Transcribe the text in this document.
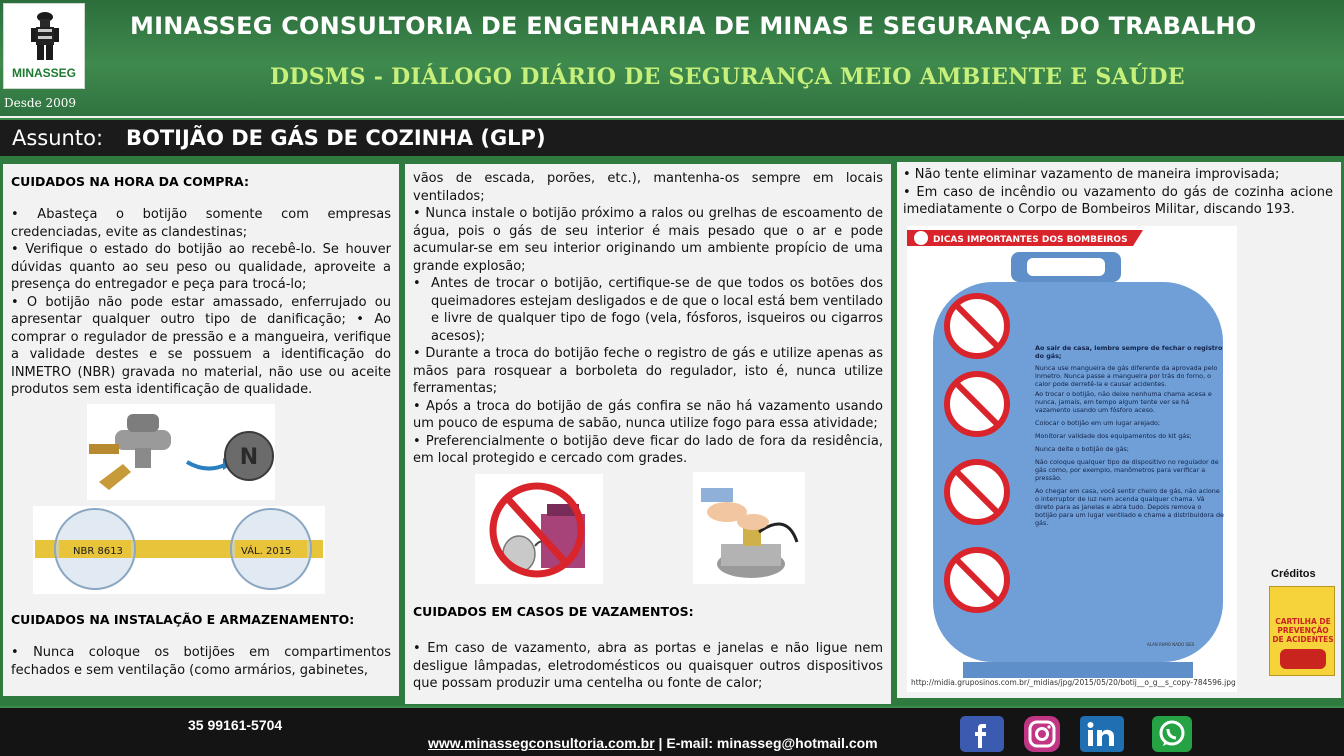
MINASSEG
Desde 2009
MINASSEG CONSULTORIA DE ENGENHARIA DE MINAS E SEGURANÇA DO TRABALHO
DDSMS - DIÁLOGO DIÁRIO DE SEGURANÇA MEIO AMBIENTE E SAÚDE
Assunto: BOTIJÃO DE GÁS DE COZINHA (GLP)
CUIDADOS NA HORA DA COMPRA:

• Abasteça o botijão somente com empresas credenciadas, evite as clandestinas;

• Verifique o estado do botijão ao recebê-lo. Se houver dúvidas quanto ao seu peso ou qualidade, aproveite a presença do entregador e peça para trocá-lo;

• O botijão não pode estar amassado, enferrujado ou apresentar qualquer outro tipo de danificação; • Ao comprar o regulador de pressão e a mangueira, verifique a validade destes e se possuem a identificação do INMETRO (NBR) gravada no material, não use ou aceite produtos sem esta identificação de qualidade.

N
NBR 8613	VÁL. 2015
CUIDADOS NA INSTALAÇÃO E ARMAZENAMENTO:
• Nunca coloque os botijões em compartimentos fechados e sem ventilação (como armários, gabinetes,

vãos de escada, porões, etc.), mantenha-os sempre em locais ventilados;

• Nunca instale o botijão próximo a ralos ou grelhas de escoamento de água, pois o gás de seu interior é mais pesado que o ar e pode acumular-se em seu interior originando um ambiente propício de uma grande explosão;

• Antes de trocar o botijão, certifique-se de que todos os botões dos queimadores estejam desligados e de que o local está bem ventilado e livre de qualquer tipo de fogo (vela, fósforos, isqueiros ou cigarros acesos);

• Durante a troca do botijão feche o registro de gás e utilize apenas as mãos para rosquear a borboleta do regulador, isto é, nunca utilize ferramentas;

• Após a troca do botijão de gás confira se não há vazamento usando um pouco de espuma de sabão, nunca utilize fogo para essa atividade;

• Preferencialmente o botijão deve ficar do lado de fora da residência, em local protegido e cercado com grades.

CUIDADOS EM CASOS DE VAZAMENTOS:
• Em caso de vazamento, abra as portas e janelas e não ligue nem desligue lâmpadas, eletrodomésticos ou quaisquer outros dispositivos que possam produzir uma centelha ou fonte de calor;

• Não tente eliminar vazamento de maneira improvisada;

• Em caso de incêndio ou vazamento do gás de cozinha acione imediatamente o Corpo de Bombeiros Militar, discando 193.

DICAS IMPORTANTES DOS BOMBEIROS
Ao sair de casa, lembre sempre de fechar o registro do gás;
Nunca use mangueira de gás diferente da aprovada pelo Inmetro. Nunca passe a mangueira por trás do forno, o calor pode derretê-la e causar acidentes.
Ao trocar o botijão, não deixe nenhuma chama acesa e nunca, jamais, em tempo algum tente ver se há vazamento usando um fósforo aceso.
Colocar o botijão em um lugar arejado;
Monitorar validade dos equipamentos do kit gás;
Nunca deite o botijão de gás;
Não coloque qualquer tipo de dispositivo no regulador de gás como, por exemplo, manômetros para verificar a pressão.
Ao chegar em casa, você sentir cheiro de gás, não acione o interruptor de luz nem acenda qualquer chama. Vá direto para as janelas e abra tudo. Depois remova o botijão para um lugar ventilado e chame a distribuidora de gás.
ALAN RAMO NADO SIES
http://midia.gruposinos.com.br/_midias/jpg/2015/05/20/botij__o_g__s_copy-784596.jpg
Créditos
CARTILHA DE PREVENÇÃO DE ACIDENTES
35 99161-5704
www.minassegconsultoria.com.br | E-mail: minasseg@hotmail.com
